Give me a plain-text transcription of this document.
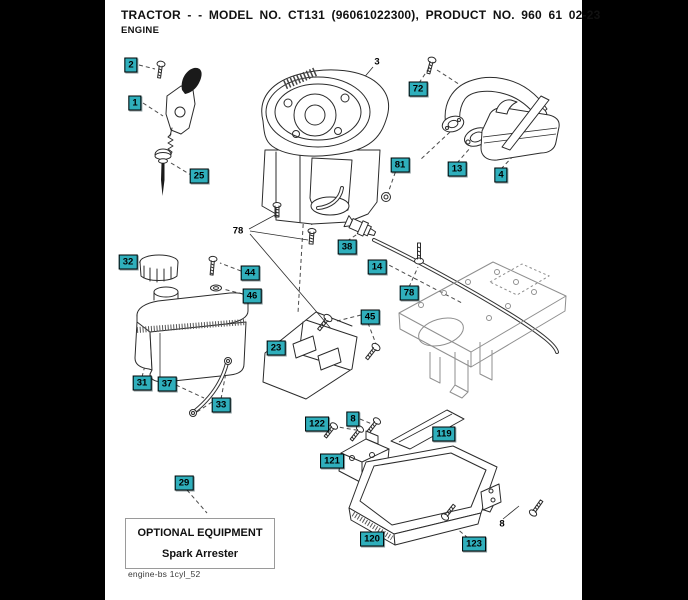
TRACTOR - - MODEL NO. CT131 (96061022300), PRODUCT NO. 960 61 02-23
ENGINE
OPTIONAL EQUIPMENT
Spark Arrester
engine-bs 1cyl_52
2
1
25
3
72
13
4
81
78
38
14
78
32
44
46
45
23
31	37
33
8
122
119
121
29
120	123
8
